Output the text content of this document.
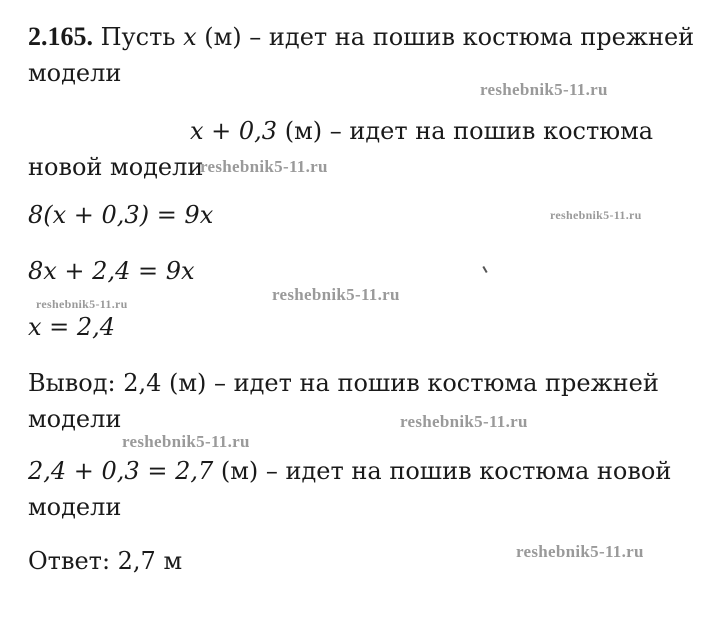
2.165. Пусть x (м) – идет на пошив костюма прежней
модели
x + 0,3 (м) – идет на пошив костюма
новой модели
8(x + 0,3) = 9x
8x + 2,4 = 9x
x = 2,4
Вывод: 2,4 (м) – идет на пошив костюма прежней
модели
2,4 + 0,3 = 2,7 (м) – идет на пошив костюма новой
модели
Ответ: 2,7 м
reshebnik5-11.ru
reshebnik5-11.ru
reshebnik5-11.ru
reshebnik5-11.ru
reshebnik5-11.ru
reshebnik5-11.ru
reshebnik5-11.ru
reshebnik5-11.ru
